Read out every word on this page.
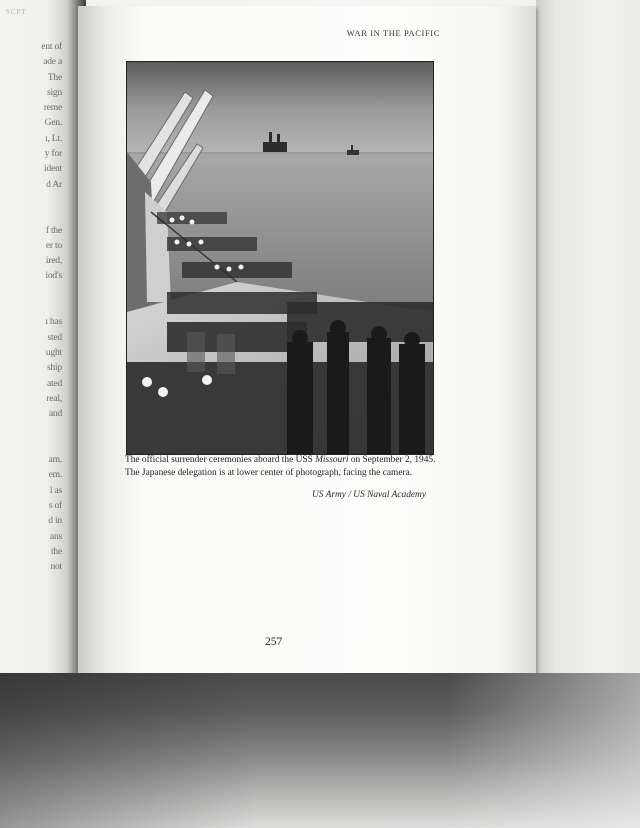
SCPT
ent of
ade a
The
sign
reme
Gen.
ı, Lt.
y for
ident
d Ar
f the
er to
ired,
iod's
ı has
sted
ught
ship
ated
real,
and
am.
em.
l as
s of
d in
ans
the
not
WAR IN THE PACIFIC
The official surrender ceremonies aboard the USS Missouri on September 2, 1945.
The Japanese delegation is at lower center of photograph, facing the camera.
US Army / US Naval Academy
257
